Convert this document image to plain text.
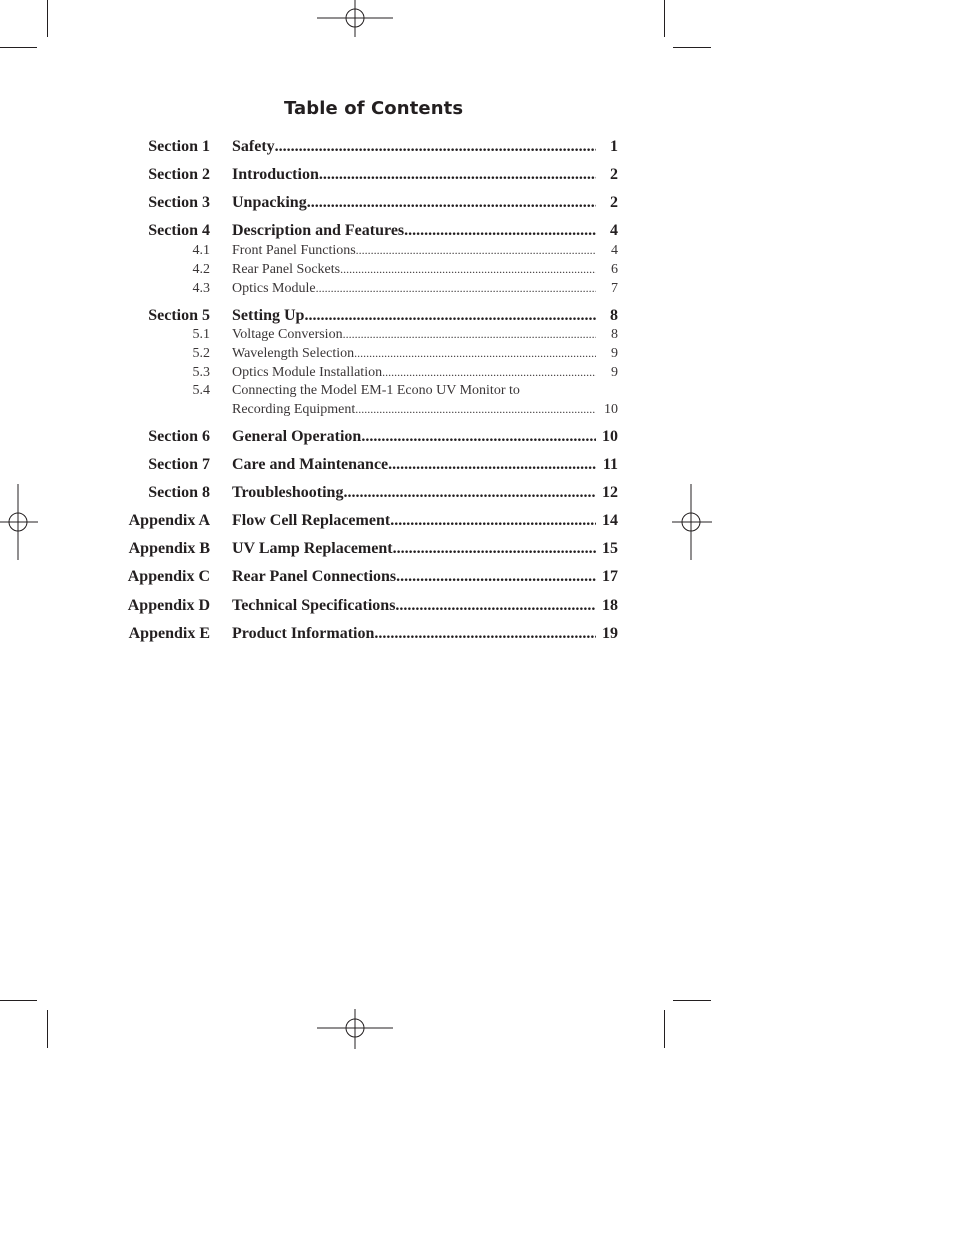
Table of Contents
Section 1 Safety .....	1
Section 2 Introduction .....	2
Section 3 Unpacking .....	2
Section 4 Description and Features .....	4
4.1 Front Panel Functions .....	4
4.2 Rear Panel Sockets .....	6
4.3 Optics Module .....	7
Section 5 Setting Up .....	8
5.1 Voltage Conversion .....	8
5.2 Wavelength Selection .....	9
5.3 Optics Module Installation .....	9
5.4 Connecting the Model EM-1 Econo UV Monitor to
Recording Equipment .....	10
Section 6 General Operation .....	10
Section 7 Care and Maintenance .....	11
Section 8 Troubleshooting .....	12
Appendix A Flow Cell Replacement .....	14
Appendix B UV Lamp Replacement .....	15
Appendix C Rear Panel Connections .....	17
Appendix D Technical Specifications .....	18
Appendix E Product Information .....	19
